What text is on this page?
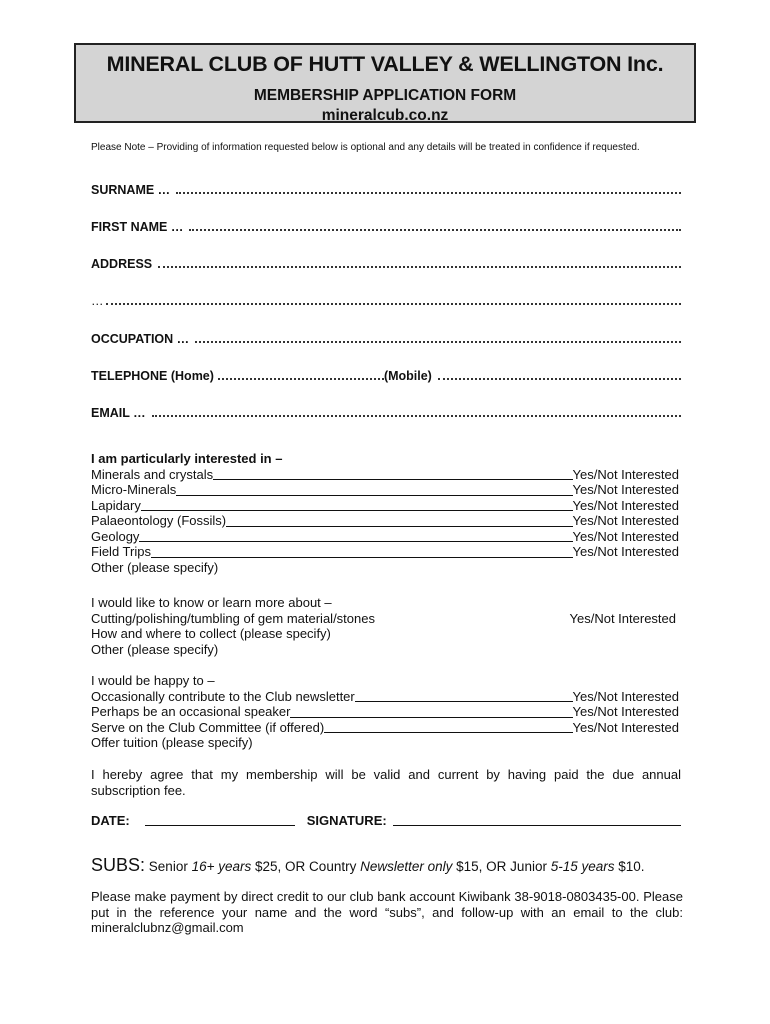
MINERAL CLUB OF HUTT VALLEY & WELLINGTON Inc.
MEMBERSHIP APPLICATION FORM
mineralcub.co.nz
Please Note – Providing of information requested below is optional and any details will be treated in confidence if requested.
SURNAME …
FIRST NAME …
ADDRESS
…
OCCUPATION …
TELEPHONE (Home)	(Mobile)
EMAIL …
I am particularly interested in –
Minerals and crystals	Yes/Not Interested
Micro-Minerals	Yes/Not Interested
Lapidary	Yes/Not Interested
Palaeontology (Fossils)	Yes/Not Interested
Geology	Yes/Not Interested
Field Trips	Yes/Not Interested
Other (please specify)
I would like to know or learn more about –
Cutting/polishing/tumbling of gem material/stones	Yes/Not Interested
How and where to collect (please specify)
Other (please specify)
I would be happy to –
Occasionally contribute to the Club newsletter	Yes/Not Interested
Perhaps be an occasional speaker	Yes/Not Interested
Serve on the Club Committee (if offered)	Yes/Not Interested
Offer tuition (please specify)
I hereby agree that my membership will be valid and current by having paid the due annual subscription fee.
DATE:	SIGNATURE:
SUBS: Senior 16+ years $25, OR Country Newsletter only $15, OR Junior 5-15 years $10.
Please make payment by direct credit to our club bank account Kiwibank 38-9018-0803435-00. Please put in the reference your name and the word “subs”, and follow-up with an email to the club: mineralclubnz@gmail.com
